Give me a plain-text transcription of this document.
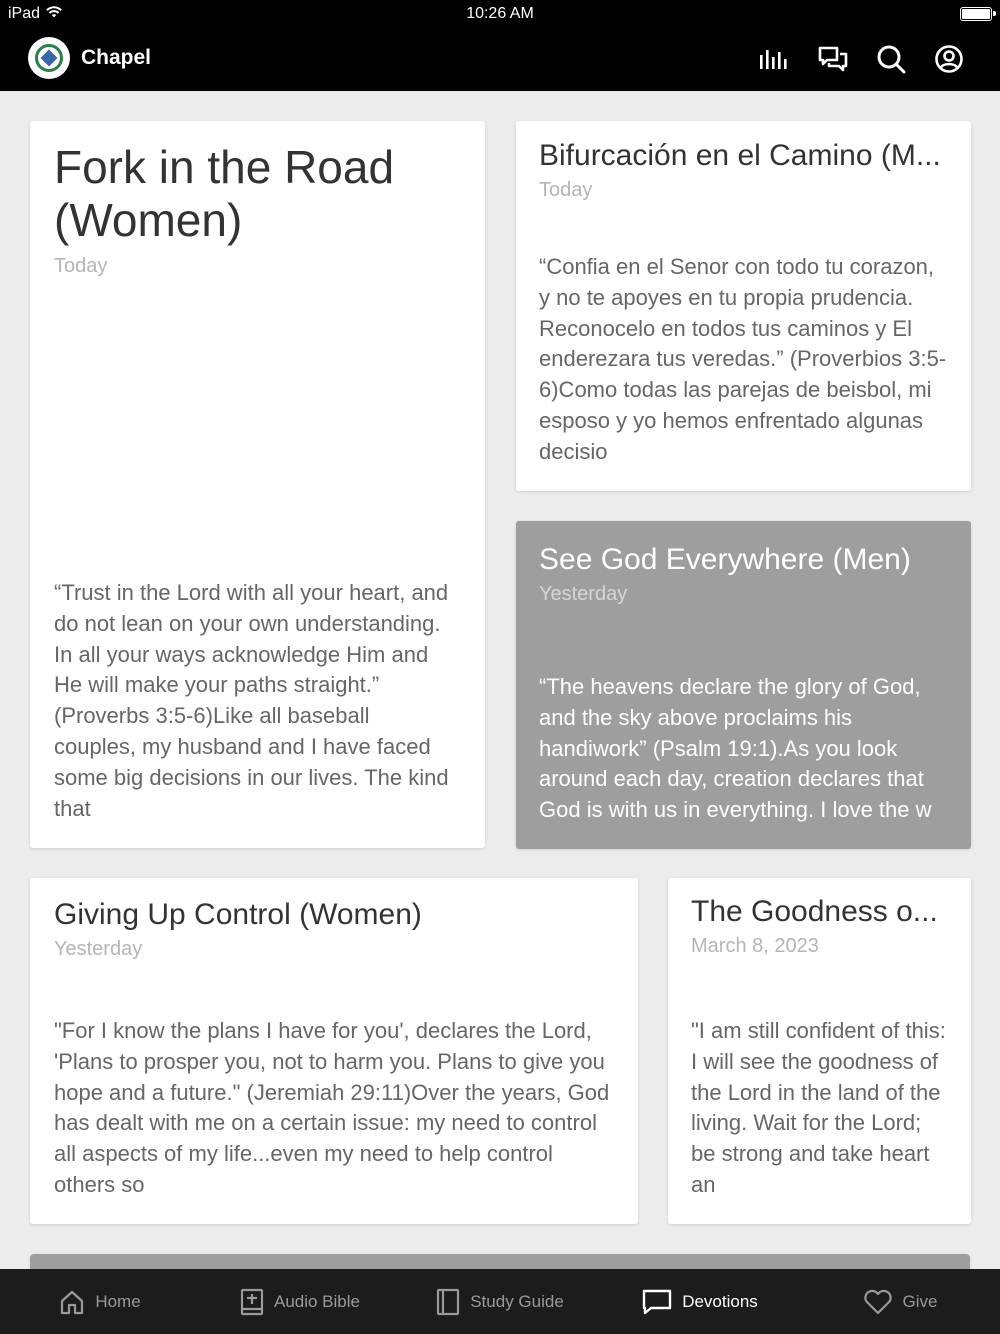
iPad	10:26 AM
Chapel
Fork in the Road (Women)
Today
“Trust in the Lord with all your heart, and do not lean on your own understanding. In all your ways acknowledge Him and He will make your paths straight.” (Proverbs 3:5-6)Like all baseball couples, my husband and I have faced some big decisions in our lives. The kind that
Bifurcación en el Camino (M...
Today
“Confia en el Senor con todo tu corazon, y no te apoyes en tu propia prudencia. Reconocelo en todos tus caminos y El enderezara tus veredas.” (Proverbios 3:5-6)Como todas las parejas de beisbol, mi esposo y yo hemos enfrentado algunas decisio
See God Everywhere (Men)
Yesterday
“The heavens declare the glory of God, and the sky above proclaims his handiwork” (Psalm 19:1).As you look around each day, creation declares that God is with us in everything. I love the w
Giving Up Control (Women)
Yesterday
"For I know the plans I have for you', declares the Lord, 'Plans to prosper you, not to harm you. Plans to give you hope and a future." (Jeremiah 29:11)Over the years, God has dealt with me on a certain issue: my need to control all aspects of my life...even my need to help control others so
The Goodness o...
March 8, 2023
"I am still confident of this: I will see the goodness of the Lord in the land of the living. Wait for the Lord; be strong and take heart an
Home	Audio Bible	Study Guide	Devotions	Give
